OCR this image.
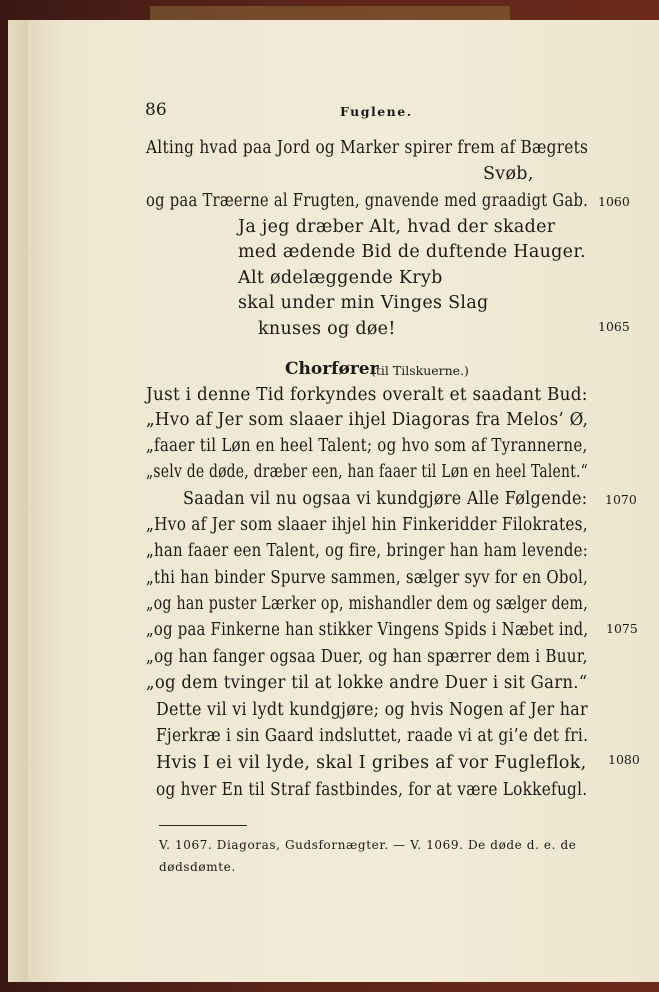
86	Fuglene.
Alting hvad paa Jord og Marker spirer frem af Bægrets
Svøb,
og paa Træerne al Frugten, gnavende med graadigt Gab. 1060
Ja jeg dræber Alt, hvad der skader
med ædende Bid de duftende Hauger.
Alt ødelæggende Kryb
skal under min Vinges Slag
knuses og døe!	1065
Chorfører
(til Tilskuerne.)
Just i denne Tid forkyndes overalt et saadant Bud:
„Hvo af Jer som slaaer ihjel Diagoras fra Melos’ Ø,
„faaer til Løn en heel Talent; og hvo som af Tyrannerne,
„selv de døde, dræber een, han faaer til Løn en heel Talent.“
Saadan vil nu ogsaa vi kundgjøre Alle Følgende: 1070
„Hvo af Jer som slaaer ihjel hin Finkeridder Filokrates,
„han faaer een Talent, og fire, bringer han ham levende:
„thi han binder Spurve sammen, sælger syv for en Obol,
„og han puster Lærker op, mishandler dem og sælger dem,
„og paa Finkerne han stikker Vingens Spids i Næbet ind, 1075
„og han fanger ogsaa Duer, og han spærrer dem i Buur,
„og dem tvinger til at lokke andre Duer i sit Garn.“
Dette vil vi lydt kundgjøre; og hvis Nogen af Jer har
Fjerkræ i sin Gaard indsluttet, raade vi at gi’e det fri.
Hvis I ei vil lyde, skal I gribes af vor Fugleflok, 1080
og hver En til Straf fastbindes, for at være Lokkefugl.
V. 1067. Diagoras, Gudsfornægter. — V. 1069. De døde d. e. de
dødsdømte.
